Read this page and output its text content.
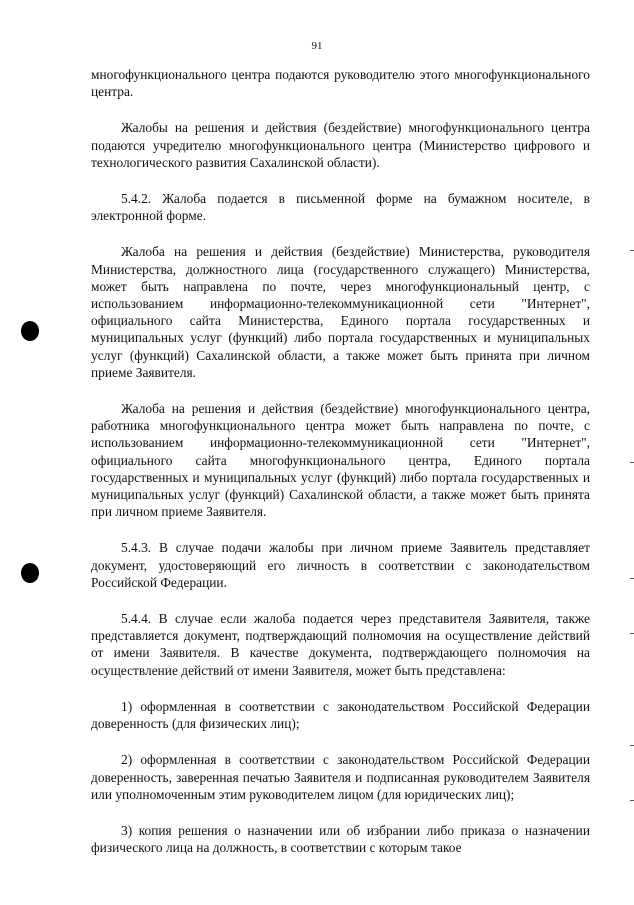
91

многофункционального центра подаются руководителю этого многофункционального центра.

Жалобы на решения и действия (бездействие) многофункционального центра подаются учредителю многофункционального центра (Министерство цифрового и технологического развития Сахалинской области).

5.4.2. Жалоба подается в письменной форме на бумажном носителе, в электронной форме.

Жалоба на решения и действия (бездействие) Министерства, руководителя Министерства, должностного лица (государственного служащего) Министерства, может быть направлена по почте, через многофункциональный центр, с использованием информационно-телекоммуникационной сети "Интернет", официального сайта Министерства, Единого портала государственных и муниципальных услуг (функций) либо портала государственных и муниципальных услуг (функций) Сахалинской области, а также может быть принята при личном приеме Заявителя.

Жалоба на решения и действия (бездействие) многофункционального центра, работника многофункционального центра может быть направлена по почте, с использованием информационно-телекоммуникационной сети "Интернет", официального сайта многофункционального центра, Единого портала государственных и муниципальных услуг (функций) либо портала государственных и муниципальных услуг (функций) Сахалинской области, а также может быть принята при личном приеме Заявителя.

5.4.3. В случае подачи жалобы при личном приеме Заявитель представляет документ, удостоверяющий его личность в соответствии с законодательством Российской Федерации.

5.4.4. В случае если жалоба подается через представителя Заявителя, также представляется документ, подтверждающий полномочия на осуществление действий от имени Заявителя. В качестве документа, подтверждающего полномочия на осуществление действий от имени Заявителя, может быть представлена:

1) оформленная в соответствии с законодательством Российской Федерации доверенность (для физических лиц);

2) оформленная в соответствии с законодательством Российской Федерации доверенность, заверенная печатью Заявителя и подписанная руководителем Заявителя или уполномоченным этим руководителем лицом (для юридических лиц);

3) копия решения о назначении или об избрании либо приказа о назначении физического лица на должность, в соответствии с которым такое
